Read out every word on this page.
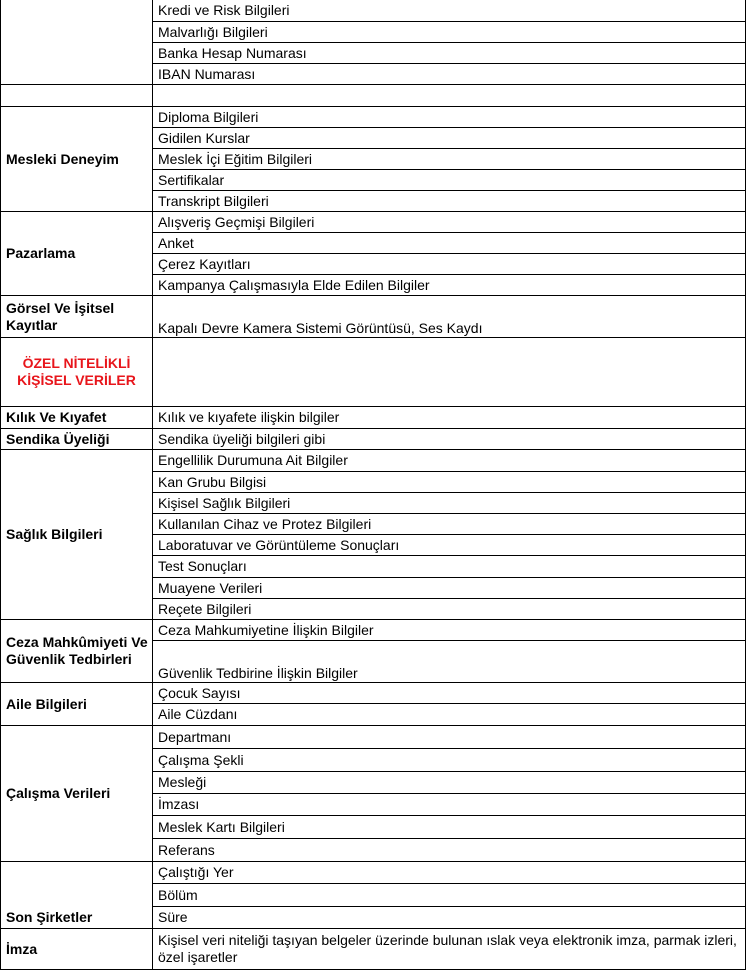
	Kredi ve Risk Bilgileri
	Malvarlığı Bilgileri
	Banka Hesap Numarası
	IBAN Numarası

Mesleki Deneyim	Diploma Bilgileri
	Gidilen Kurslar
	Meslek İçi Eğitim Bilgileri
	Sertifikalar
	Transkript Bilgileri
Pazarlama	Alışveriş Geçmişi Bilgileri
	Anket
	Çerez Kayıtları
	Kampanya Çalışmasıyla Elde Edilen Bilgiler
Görsel Ve İşitsel Kayıtlar	Kapalı Devre Kamera Sistemi Görüntüsü, Ses Kaydı
ÖZEL NİTELİKLİ KİŞİSEL VERİLER	
Kılık Ve Kıyafet	Kılık ve kıyafete ilişkin bilgiler
Sendika Üyeliği	Sendika üyeliği bilgileri gibi
Sağlık Bilgileri	Engellilik Durumuna Ait Bilgiler
	Kan Grubu Bilgisi
	Kişisel Sağlık Bilgileri
	Kullanılan Cihaz ve Protez Bilgileri
	Laboratuvar ve Görüntüleme Sonuçları
	Test Sonuçları
	Muayene Verileri
	Reçete Bilgileri
Ceza Mahkûmiyeti Ve Güvenlik Tedbirleri	Ceza Mahkumiyetine İlişkin Bilgiler
	Güvenlik Tedbirine İlişkin Bilgiler
Aile Bilgileri	Çocuk Sayısı
	Aile Cüzdanı
Çalışma Verileri	Departmanı
	Çalışma Şekli
	Mesleği
	İmzası
	Meslek Kartı Bilgileri
	Referans
Son Şirketler	Çalıştığı Yer
	Bölüm
	Süre
İmza	Kişisel veri niteliği taşıyan belgeler üzerinde bulunan ıslak veya elektronik imza, parmak izleri, özel işaretler
